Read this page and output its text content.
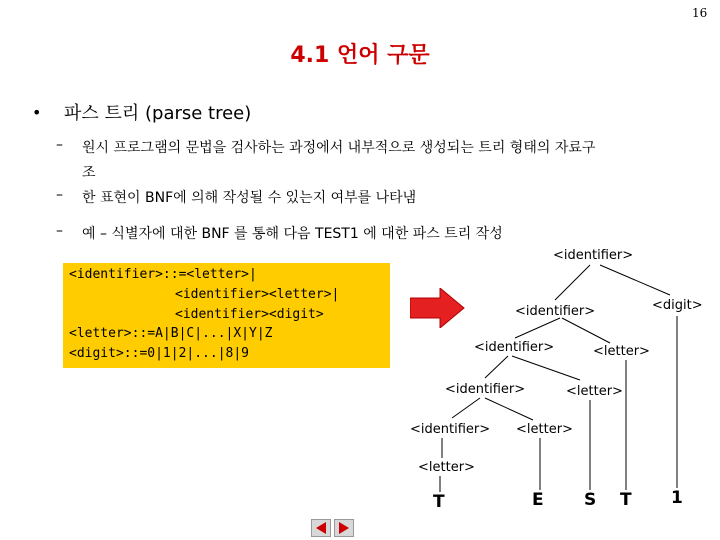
16
4.1 언어 구문
• 파스 트리 (parse tree)
– 원시 프로그램의 문법을 검사하는 과정에서 내부적으로 생성되는 트리 형태의 자료구
조
– 한 표현이 BNF에 의해 작성될 수 있는지 여부를 나타냄
– 예 – 식별자에 대한 BNF 를 통해 다음 TEST1 에 대한 파스 트리 작성
<identifier>::=<letter>|
<identifier><letter>|
<identifier><digit>
<letter>::=A|B|C|...|X|Y|Z
<digit>::=0|1|2|...|8|9
<identifier>
<identifier>	<digit>
<identifier>	<letter>
<identifier>	<letter>
<identifier> <letter>
<letter>
T	E S T 1
